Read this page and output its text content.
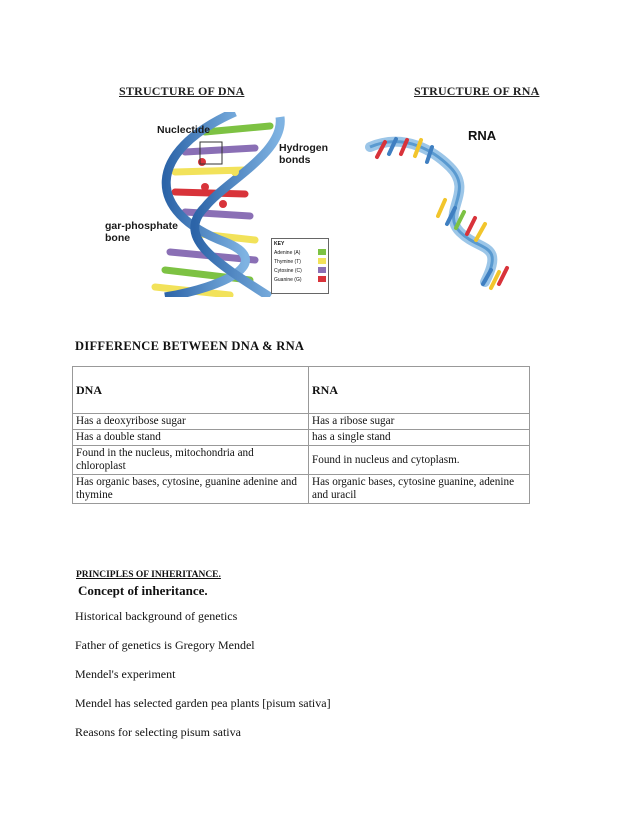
STRUCTURE OF DNA	STRUCTURE OF RNA
Nuclectide
Hydrogen
bonds
gar-phosphate
bone	KEY
Adenine (A)
Thymine (T)
Cytosine (C)
Guanine (G)
RNA
DIFFERENCE BETWEEN DNA & RNA
DNA	RNA
Has a deoxyribose sugar	Has a ribose sugar
Has a double stand	has a single stand
Found in the nucleus, mitochondria and chloroplast	Found in nucleus and cytoplasm.
Has organic bases, cytosine, guanine adenine and thymine	Has organic bases, cytosine guanine, adenine and uracil
PRINCIPLES OF INHERITANCE.
Concept of inheritance.
Historical background of genetics
Father of genetics is Gregory Mendel
Mendel's experiment
Mendel has selected garden pea plants [pisum sativa]
Reasons for selecting pisum sativa
